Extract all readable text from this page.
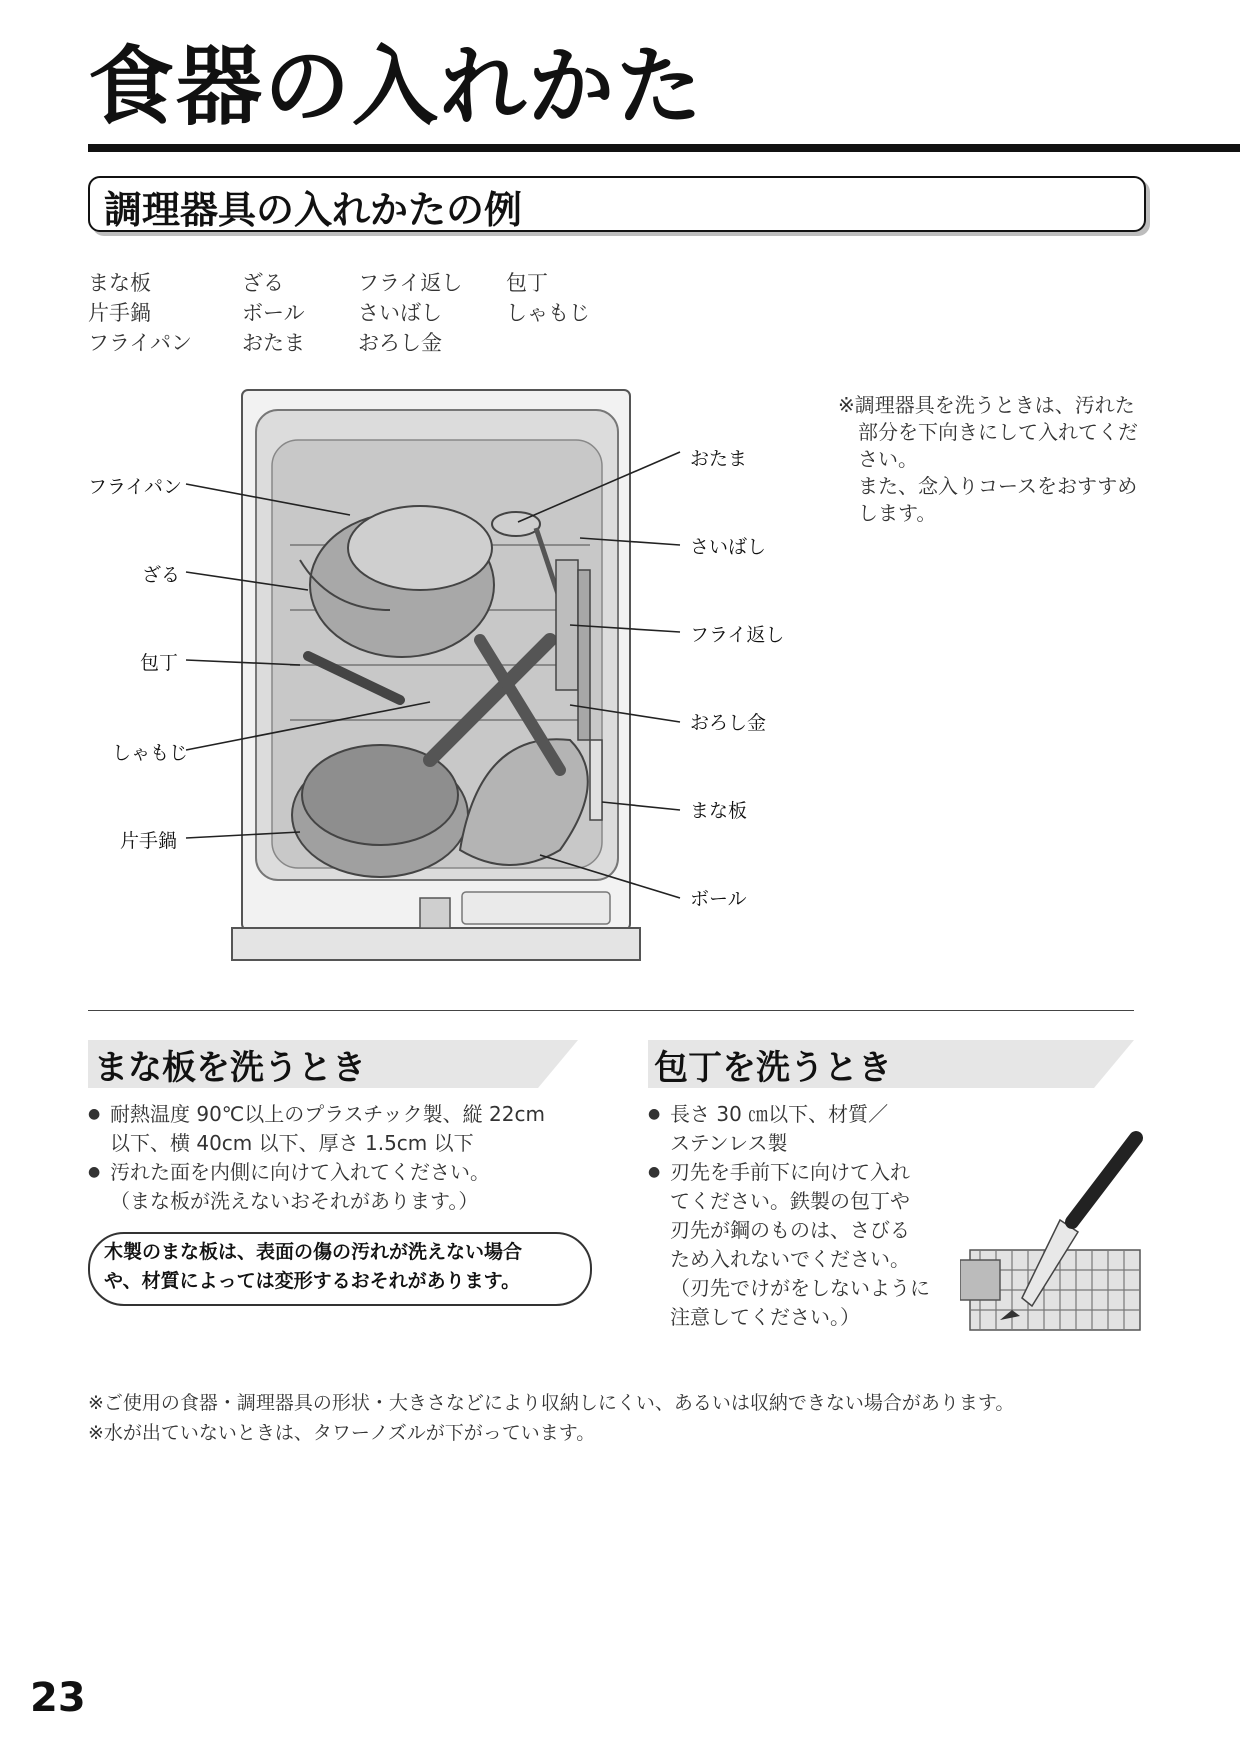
食器の入れかた
調理器具の入れかたの例
まな板
片手鍋
フライパン
ざる
ボール
おたま
フライ返し
さいばし
おろし金
包丁
しゃもじ
フライパン
ざる
包丁
しゃもじ
片手鍋
おたま
さいばし
フライ返し
おろし金
まな板
ボール
※調理器具を洗うときは、汚れた
部分を下向きにして入れてくだ
さい。
また、念入りコースをおすすめ
します。
まな板を洗うとき
● 耐熱温度 90℃以上のプラスチック製、縦 22cm
以下、横 40cm 以下、厚さ 1.5cm 以下
● 汚れた面を内側に向けて入れてください。
（まな板が洗えないおそれがあります。）
木製のまな板は、表面の傷の汚れが洗えない場合
や、材質によっては変形するおそれがあります。
包丁を洗うとき
● 長さ 30 ㎝以下、材質／
ステンレス製
● 刃先を手前下に向けて入れ
てください。鉄製の包丁や
刃先が鋼のものは、さびる
ため入れないでください。
（刃先でけがをしないように
注意してください。）
※ご使用の食器・調理器具の形状・大きさなどにより収納しにくい、あるいは収納できない場合があります。
※水が出ていないときは、タワーノズルが下がっています。
23
